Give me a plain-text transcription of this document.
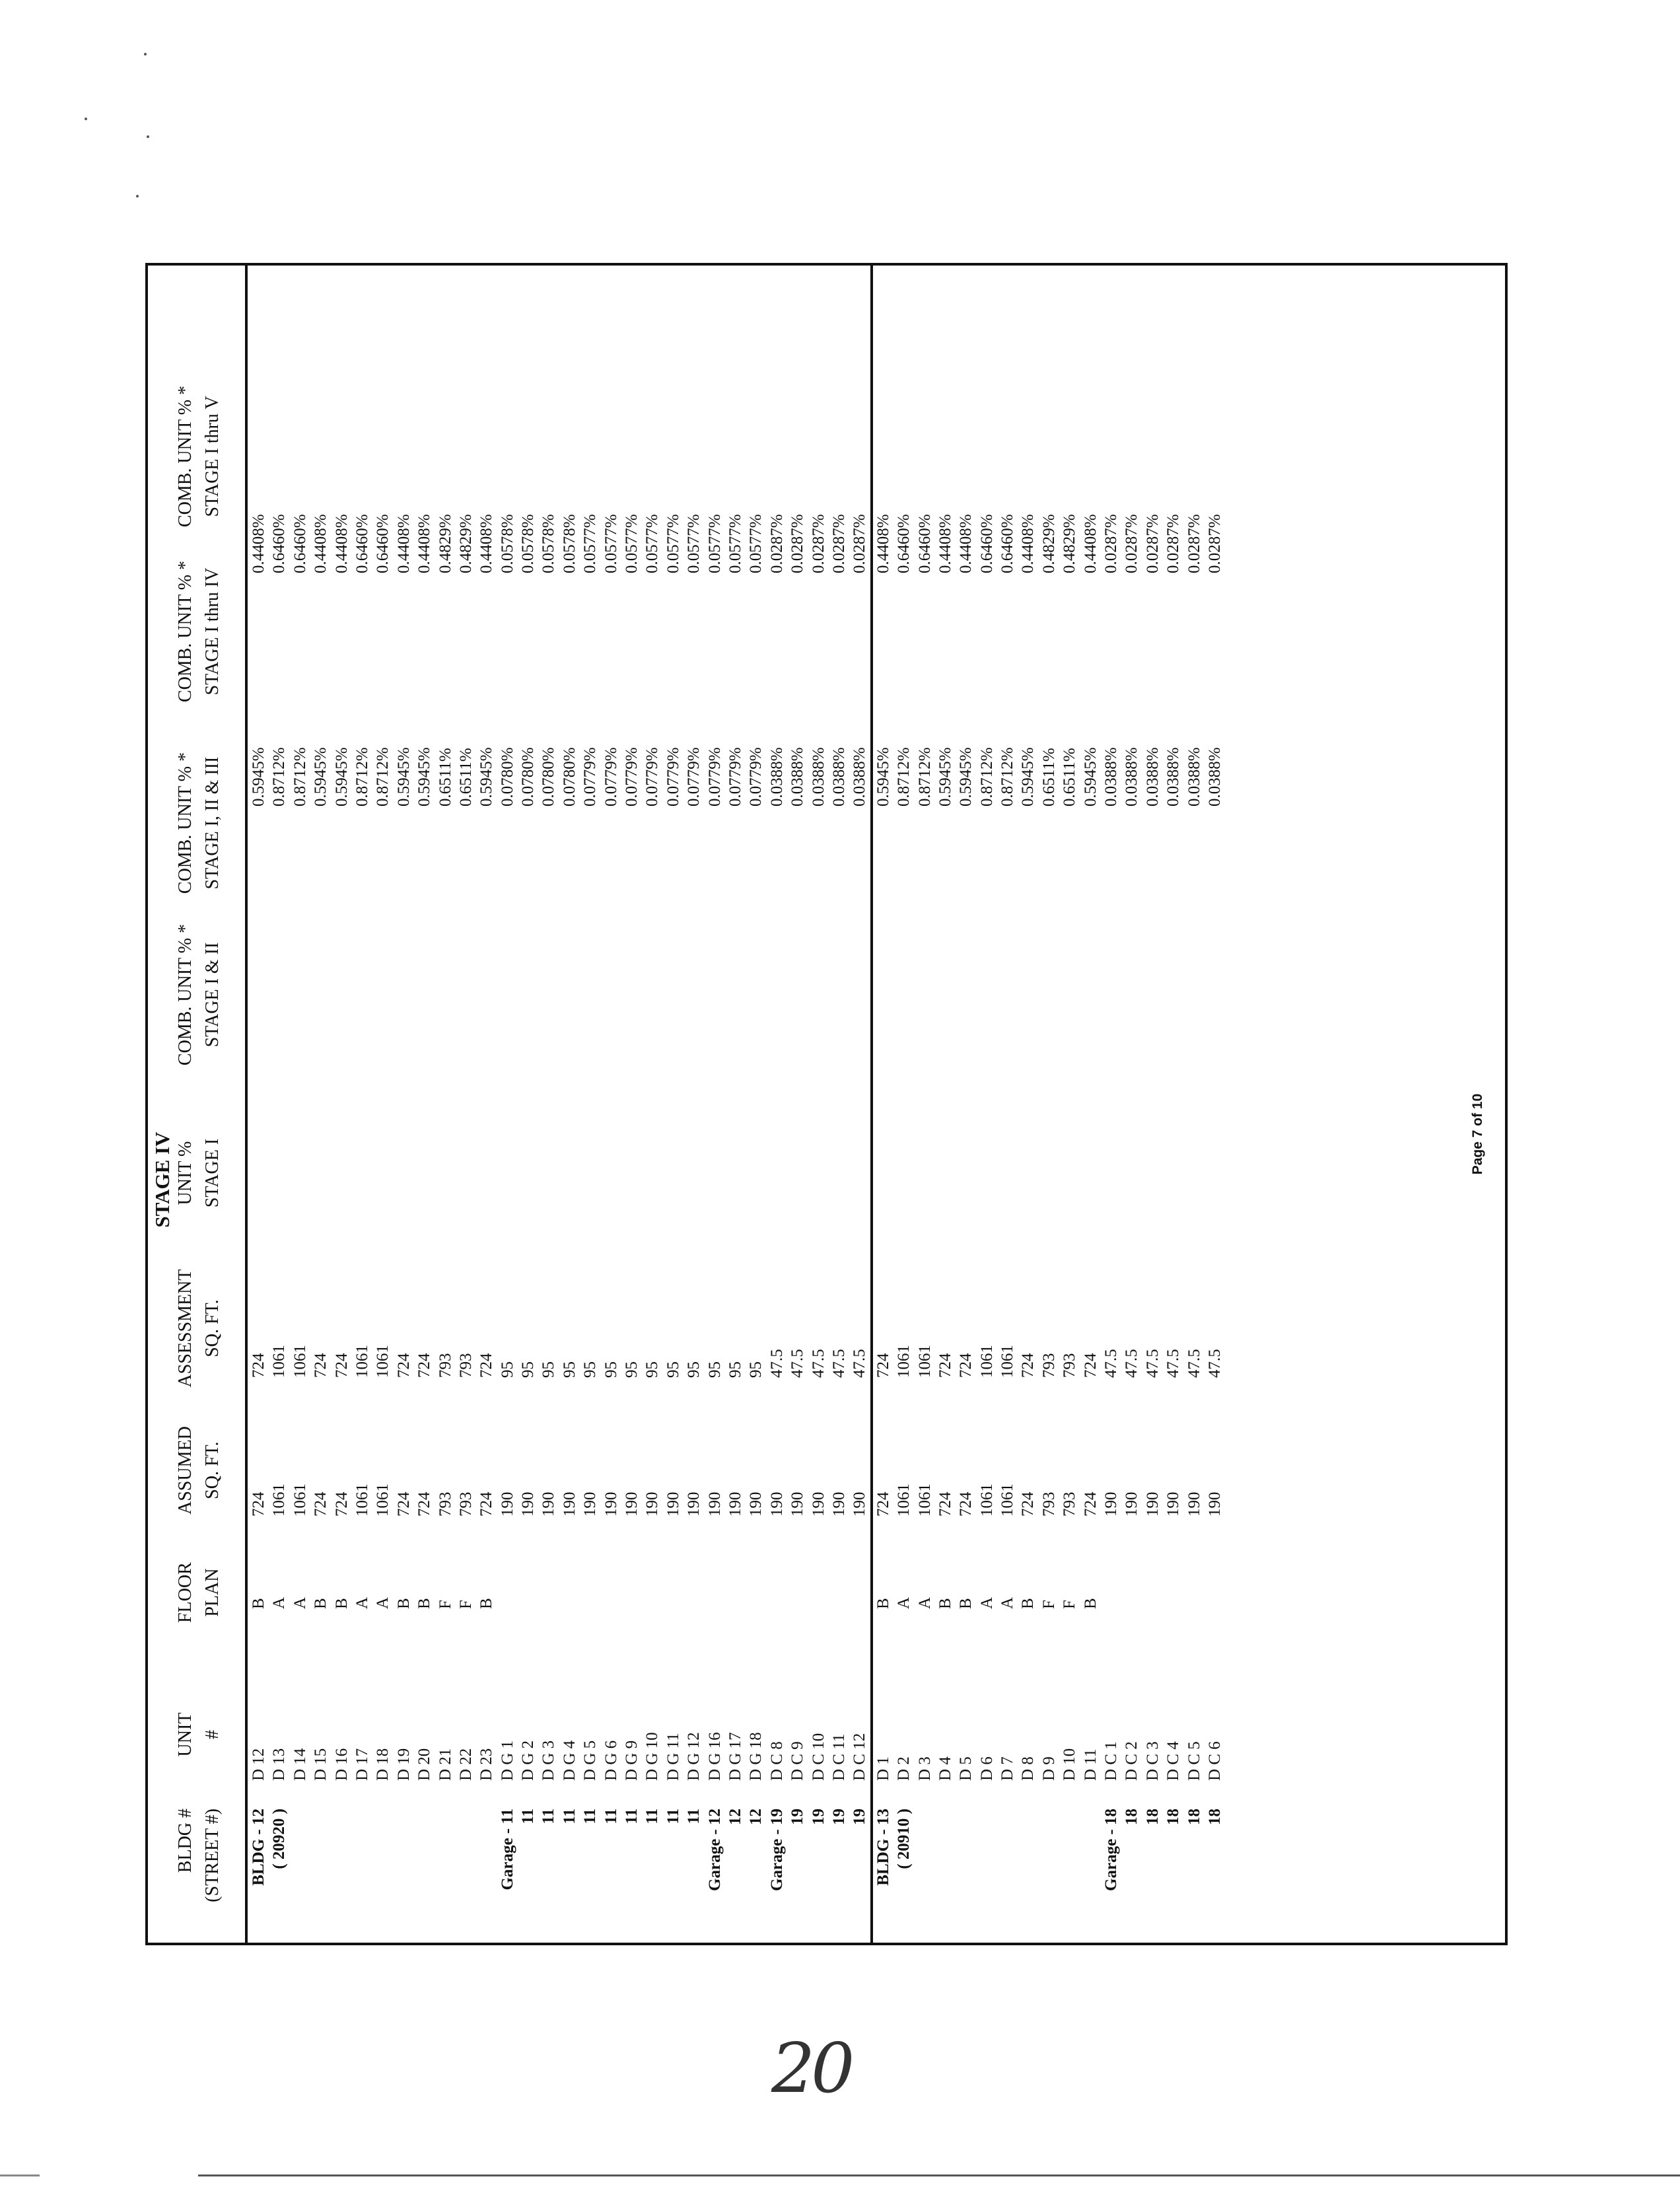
STAGE IV
BLDG # (STREET #)
UNIT #
FLOOR PLAN
ASSUMED SQ. FT.
ASSESSMENT SQ. FT.
UNIT % STAGE I
COMB. UNIT % * STAGE I & II
COMB. UNIT % * STAGE I, II & III
COMB. UNIT % * STAGE I thru IV
COMB. UNIT % * STAGE I thru V
BLDG - 12
D 12
B
724
724
0.5945%
0.4408%
( 20920 )
D 13
A
1061
1061
0.8712%
0.6460%
D 14
A
1061
1061
0.8712%
0.6460%
D 15
B
724
724
0.5945%
0.4408%
D 16
B
724
724
0.5945%
0.4408%
D 17
A
1061
1061
0.8712%
0.6460%
D 18
A
1061
1061
0.8712%
0.6460%
D 19
B
724
724
0.5945%
0.4408%
D 20
B
724
724
0.5945%
0.4408%
D 21
F
793
793
0.6511%
0.4829%
D 22
F
793
793
0.6511%
0.4829%
D 23
B
724
724
0.5945%
0.4408%
Garage - 11
D G 1
190
95
0.0780%
0.0578%
11
D G 2
190
95
0.0780%
0.0578%
11
D G 3
190
95
0.0780%
0.0578%
11
D G 4
190
95
0.0780%
0.0578%
11
D G 5
190
95
0.0779%
0.0577%
11
D G 6
190
95
0.0779%
0.0577%
11
D G 9
190
95
0.0779%
0.0577%
11
D G 10
190
95
0.0779%
0.0577%
11
D G 11
190
95
0.0779%
0.0577%
11
D G 12
190
95
0.0779%
0.0577%
Garage - 12
D G 16
190
95
0.0779%
0.0577%
12
D G 17
190
95
0.0779%
0.0577%
12
D G 18
190
95
0.0779%
0.0577%
Garage - 19
D C 8
190
47.5
0.0388%
0.0287%
19
D C 9
190
47.5
0.0388%
0.0287%
19
D C 10
190
47.5
0.0388%
0.0287%
19
D C 11
190
47.5
0.0388%
0.0287%
19
D C 12
190
47.5
0.0388%
0.0287%
BLDG - 13
D 1
B
724
724
0.5945%
0.4408%
( 20910 )
D 2
A
1061
1061
0.8712%
0.6460%
D 3
A
1061
1061
0.8712%
0.6460%
D 4
B
724
724
0.5945%
0.4408%
D 5
B
724
724
0.5945%
0.4408%
D 6
A
1061
1061
0.8712%
0.6460%
D 7
A
1061
1061
0.8712%
0.6460%
D 8
B
724
724
0.5945%
0.4408%
D 9
F
793
793
0.6511%
0.4829%
D 10
F
793
793
0.6511%
0.4829%
D 11
B
724
724
0.5945%
0.4408%
Garage - 18
D C 1
190
47.5
0.0388%
0.0287%
18
D C 2
190
47.5
0.0388%
0.0287%
18
D C 3
190
47.5
0.0388%
0.0287%
18
D C 4
190
47.5
0.0388%
0.0287%
18
D C 5
190
47.5
0.0388%
0.0287%
18
D C 6
190
47.5
0.0388%
0.0287%
Page 7 of 10
20
